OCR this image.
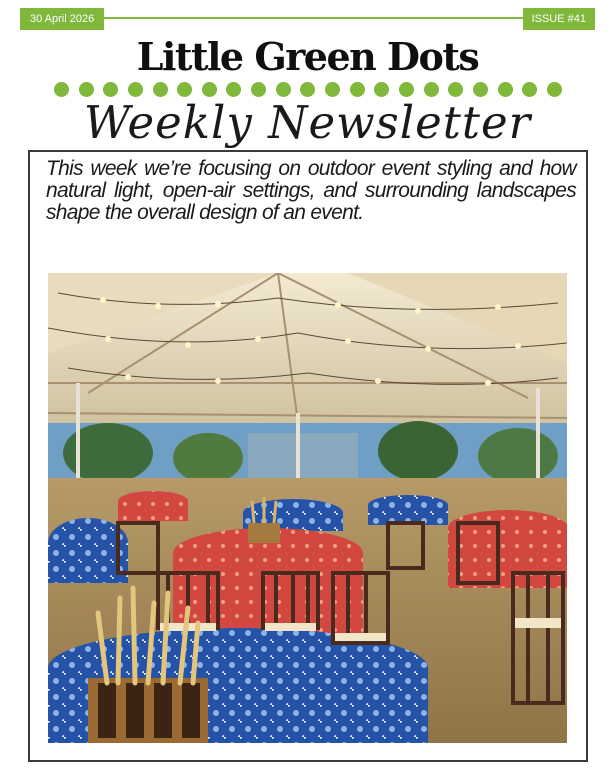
30 April 2026	ISSUE #41
Little Green Dots
Weekly Newsletter
This week we’re focusing on outdoor event styling and how natural light, open-air settings, and surrounding landscapes shape the overall design of an event.
